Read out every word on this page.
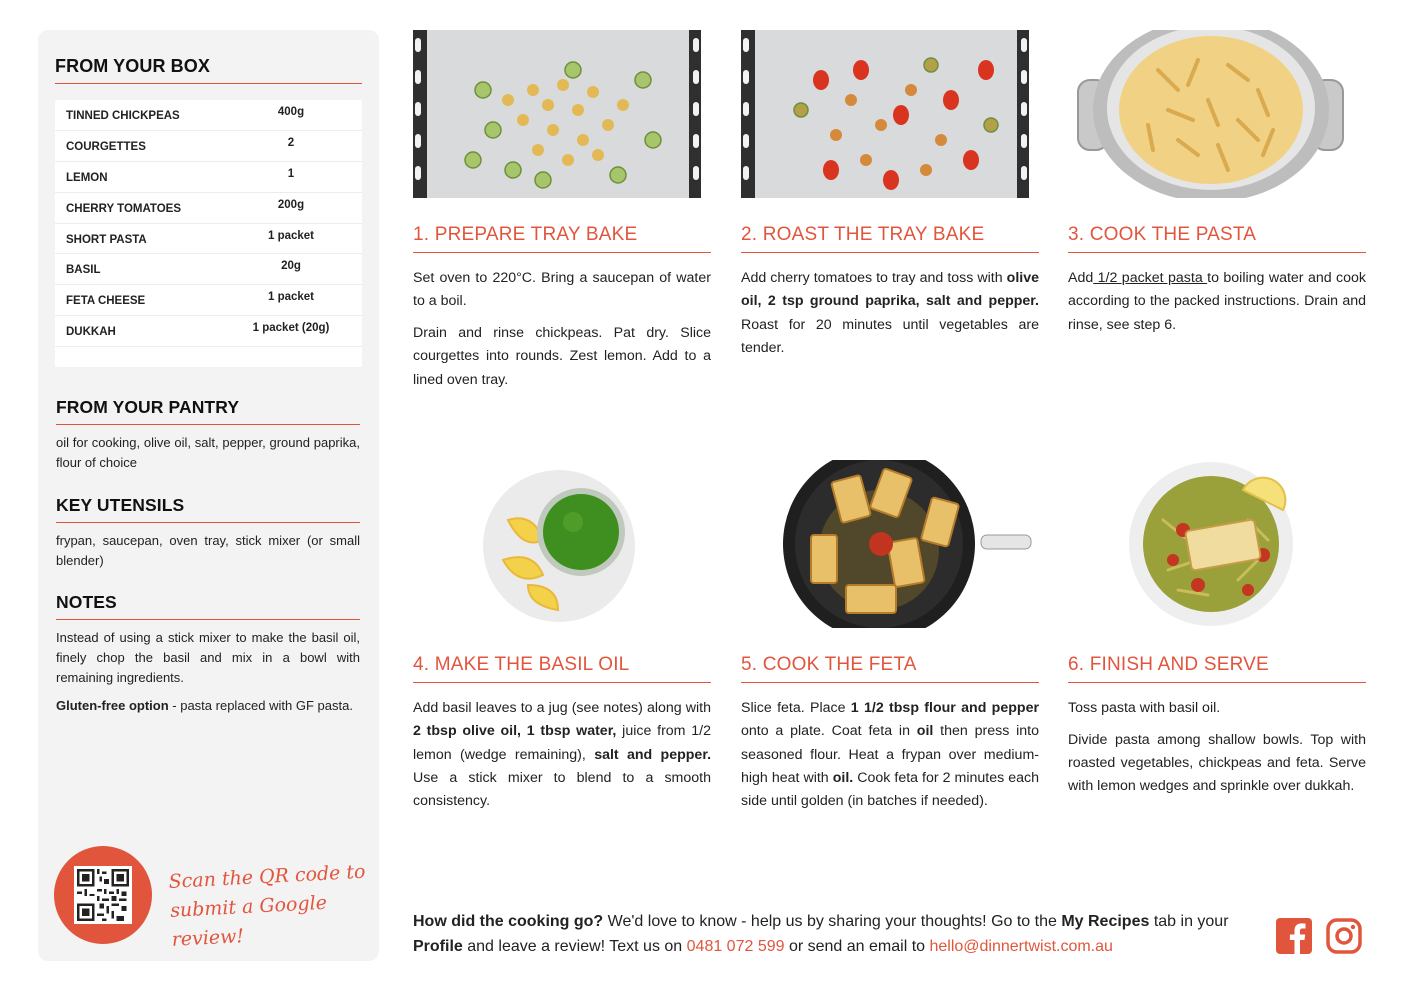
FROM YOUR BOX
TINNED CHICKPEAS	400g
COURGETTES	2
LEMON	1
CHERRY TOMATOES	200g
SHORT PASTA	1 packet
BASIL	20g
FETA CHEESE	1 packet
DUKKAH	1 packet (20g)
FROM YOUR PANTRY
oil for cooking, olive oil, salt, pepper, ground paprika, flour of choice
KEY UTENSILS
frypan, saucepan, oven tray, stick mixer (or small blender)
NOTES

Instead of using a stick mixer to make the basil oil, finely chop the basil and mix in a bowl with remaining ingredients.

Gluten-free option - pasta replaced with GF pasta.

Scan the QR code to
submit a Google review!
1. PREPARE TRAY BAKE

Set oven to 220°C. Bring a saucepan of water to a boil.

Drain and rinse chickpeas. Pat dry. Slice courgettes into rounds. Zest lemon. Add to a lined oven tray.

2. ROAST THE TRAY BAKE

Add cherry tomatoes to tray and toss with olive oil, 2 tsp ground paprika, salt and pepper. Roast for 20 minutes until vegetables are tender.

3. COOK THE PASTA

Add 1/2 packet pasta to boiling water and cook according to the packed instructions. Drain and rinse, see step 6.

4. MAKE THE BASIL OIL

Add basil leaves to a jug (see notes) along with 2 tbsp olive oil, 1 tbsp water, juice from 1/2 lemon (wedge remaining), salt and pepper. Use a stick mixer to blend to a smooth consistency.

5. COOK THE FETA

Slice feta. Place 1 1/2 tbsp flour and pepper onto a plate. Coat feta in oil then press into seasoned flour. Heat a frypan over medium-high heat with oil. Cook feta for 2 minutes each side until golden (in batches if needed).

6. FINISH AND SERVE

Toss pasta with basil oil.

Divide pasta among shallow bowls. Top with roasted vegetables, chickpeas and feta. Serve with lemon wedges and sprinkle over dukkah.

How did the cooking go? We'd love to know - help us by sharing your thoughts! Go to the My Recipes tab in your Profile and leave a review! Text us on 0481 072 599 or send an email to hello@dinnertwist.com.au
